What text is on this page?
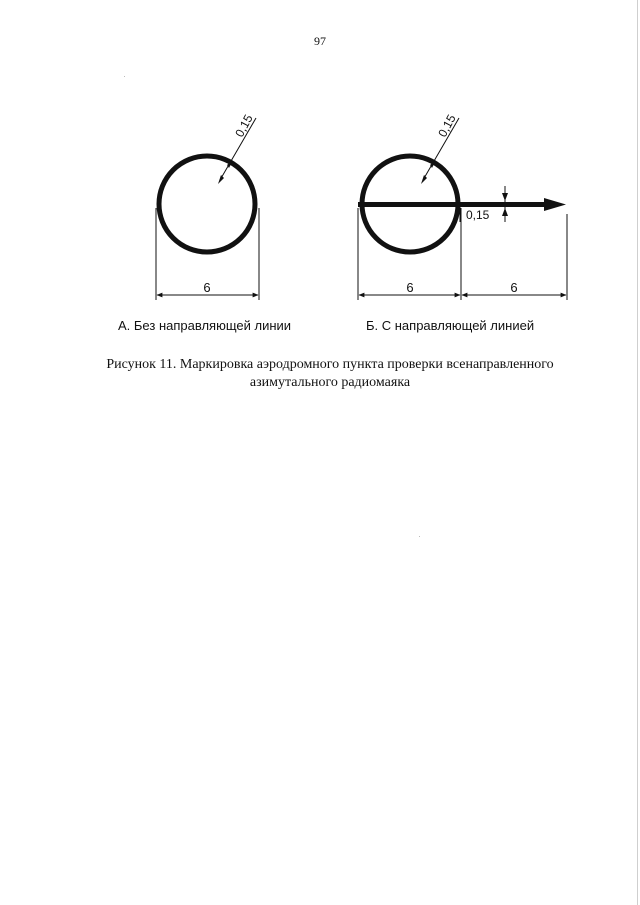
97
0,15
6
0,15
0,15
6	6
А. Без направляющей линии	Б. С направляющей линией
Рисунок 11. Маркировка аэродромного пункта проверки всенаправленного
азимутального радиомаяка
